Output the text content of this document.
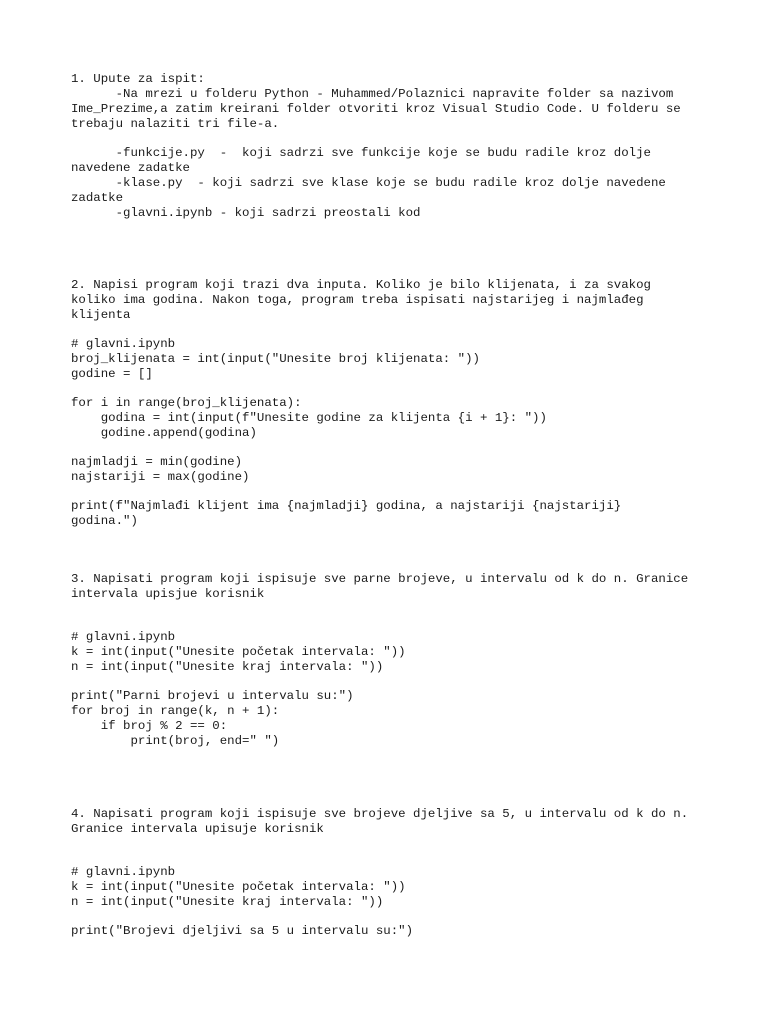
1. Upute za ispit:

-Na mrezi u folderu Python - Muhammed/Polaznici napravite folder sa nazivom

Ime_Prezime,a zatim kreirani folder otvoriti kroz Visual Studio Code. U folderu se

trebaju nalaziti tri file-a.

-funkcije.py  -  koji sadrzi sve funkcije koje se budu radile kroz dolje

navedene zadatke

-klase.py  - koji sadrzi sve klase koje se budu radile kroz dolje navedene

zadatke

-glavni.ipynb - koji sadrzi preostali kod

2. Napisi program koji trazi dva inputa. Koliko je bilo klijenata, i za svakog

koliko ima godina. Nakon toga, program treba ispisati najstarijeg i najmlađeg

klijenta

# glavni.ipynb

broj_klijenata = int(input("Unesite broj klijenata: "))

godine = []

for i in range(broj_klijenata):

godina = int(input(f"Unesite godine za klijenta {i + 1}: "))

godine.append(godina)

najmladji = min(godine)

najstariji = max(godine)

print(f"Najmlađi klijent ima {najmladji} godina, a najstariji {najstariji}

godina.")

3. Napisati program koji ispisuje sve parne brojeve, u intervalu od k do n. Granice

intervala upisjue korisnik

# glavni.ipynb

k = int(input("Unesite početak intervala: "))

n = int(input("Unesite kraj intervala: "))

print("Parni brojevi u intervalu su:")

for broj in range(k, n + 1):

if broj % 2 == 0:

print(broj, end=" ")

4. Napisati program koji ispisuje sve brojeve djeljive sa 5, u intervalu od k do n.

Granice intervala upisuje korisnik

# glavni.ipynb

k = int(input("Unesite početak intervala: "))

n = int(input("Unesite kraj intervala: "))

print("Brojevi djeljivi sa 5 u intervalu su:")
